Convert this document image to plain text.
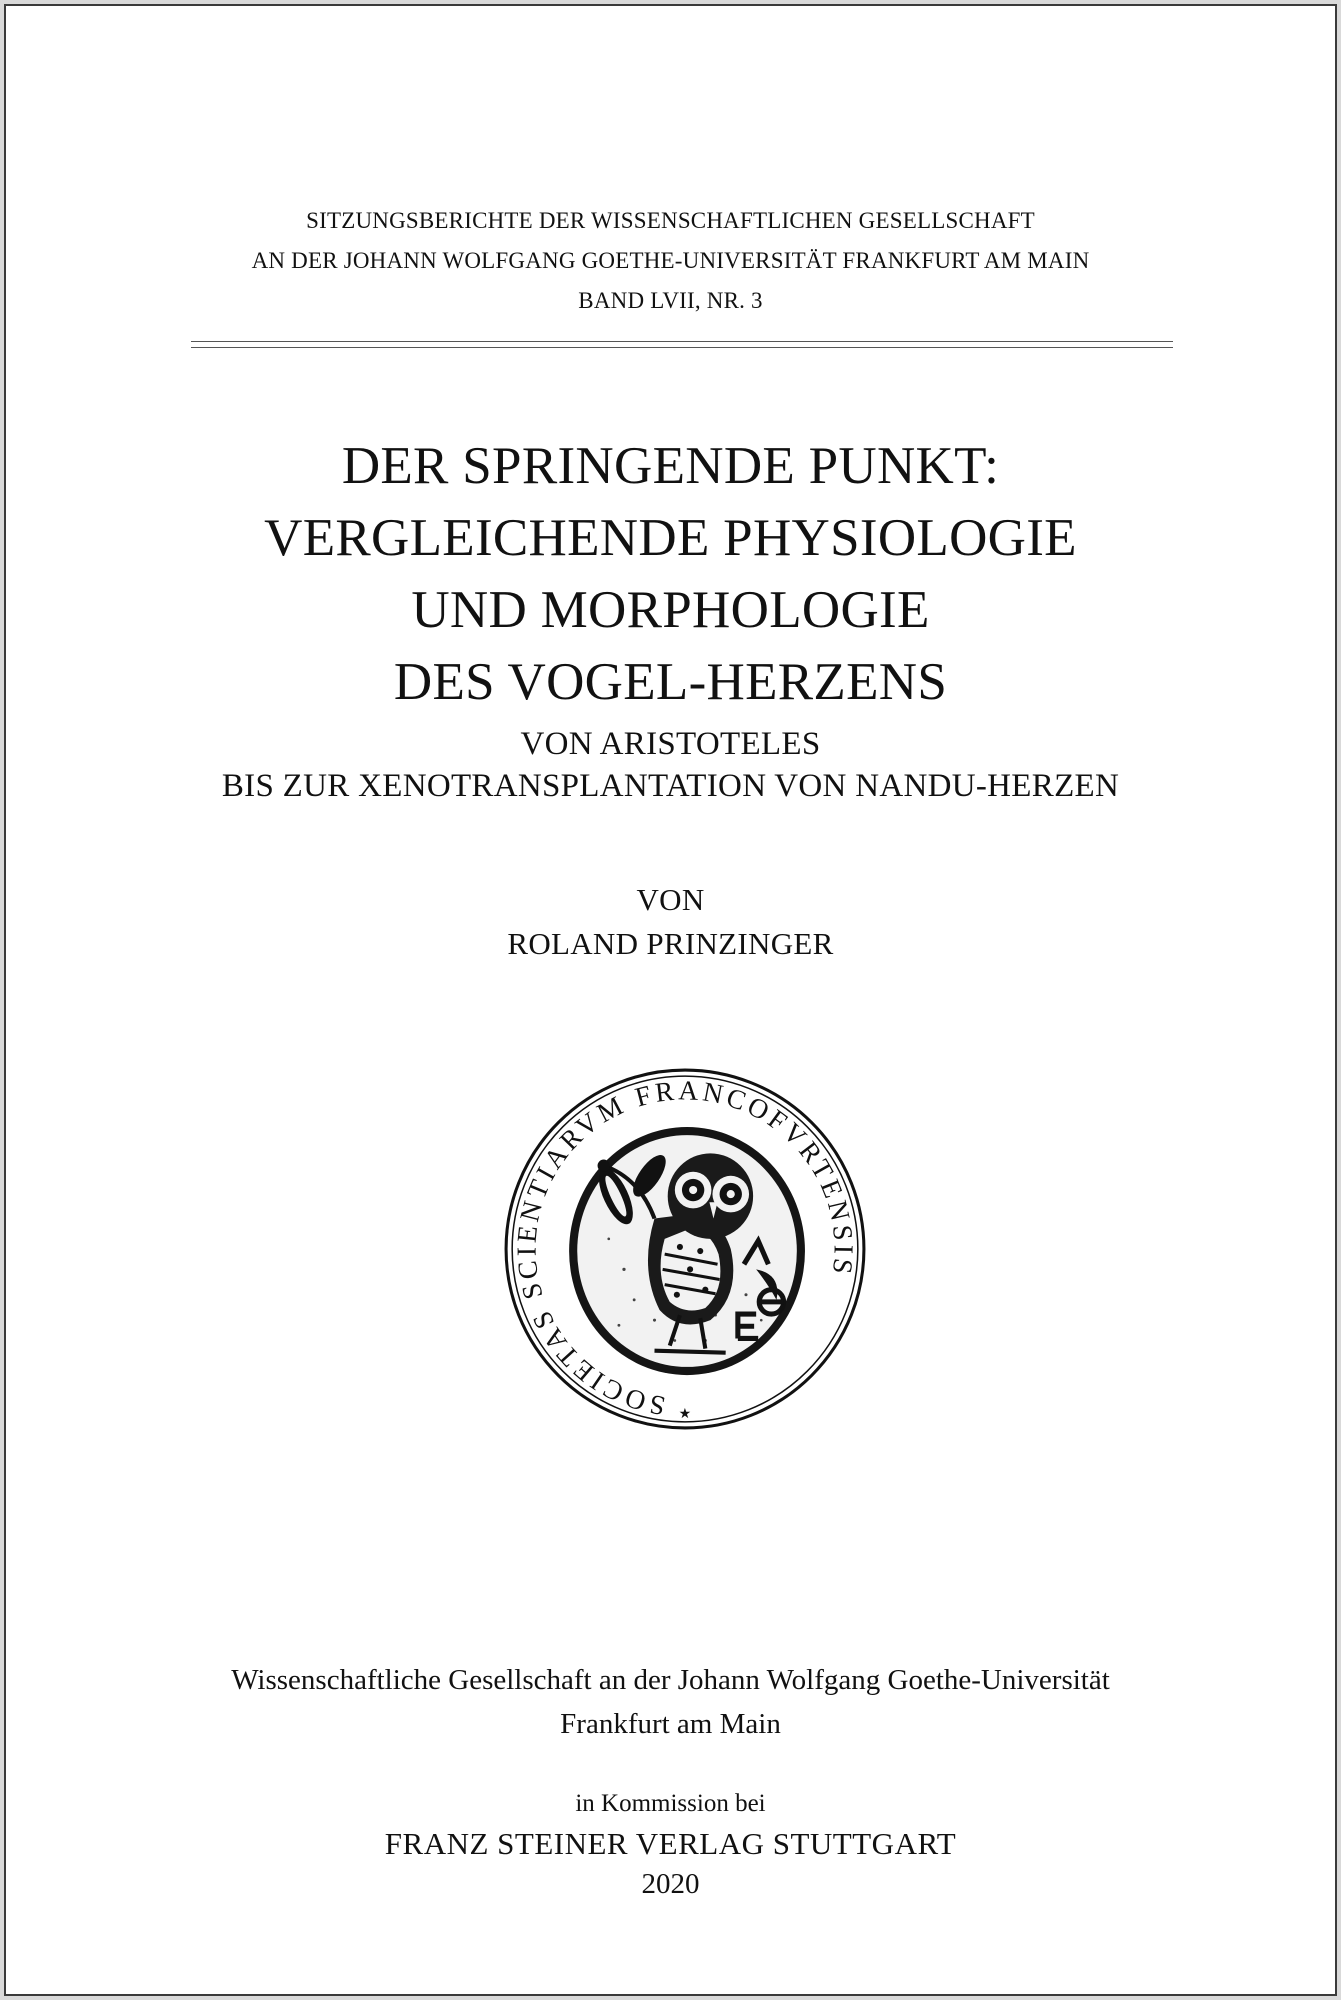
SITZUNGSBERICHTE DER WISSENSCHAFTLICHEN GESELLSCHAFT
AN DER JOHANN WOLFGANG GOETHE-UNIVERSITÄT FRANKFURT AM MAIN
BAND LVII, NR. 3
DER SPRINGENDE PUNKT:
VERGLEICHENDE PHYSIOLOGIE
UND MORPHOLOGIE
DES VOGEL-HERZENS
VON ARISTOTELES
BIS ZUR XENOTRANSPLANTATION VON NANDU-HERZEN
VON
ROLAND PRINZINGER
SOCIETAS SCIENTIARVM FRANCOFVRTENSIS
★
Wissenschaftliche Gesellschaft an der Johann Wolfgang Goethe-Universität
Frankfurt am Main
in Kommission bei
FRANZ STEINER VERLAG STUTTGART
2020
